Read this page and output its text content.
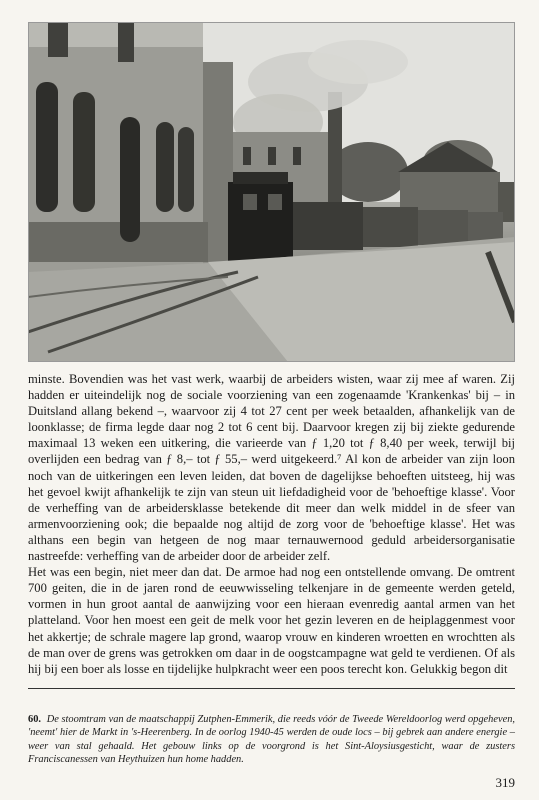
minste. Bovendien was het vast werk, waarbij de arbeiders wisten, waar zij mee af waren. Zij hadden er uiteindelijk nog de sociale voorziening van een zogenaamde 'Krankenkas' bij – in Duitsland allang bekend –, waarvoor zij 4 tot 27 cent per week betaalden, afhankelijk van de loonklasse; de firma legde daar nog 2 tot 6 cent bij. Daarvoor kregen zij bij ziekte gedurende maximaal 13 weken een uitkering, die varieerde van ƒ 1,20 tot ƒ 8,40 per week, terwijl bij overlijden een bedrag van ƒ 8,– tot ƒ 55,– werd uitgekeerd.⁷ Al kon de arbeider van zijn loon noch van de uitkeringen een leven leiden, dat boven de dagelijkse behoeften uitsteeg, hij was het gevoel kwijt afhankelijk te zijn van steun uit liefdadigheid voor de 'behoeftige klasse'. Voor de verheffing van de arbeidersklasse betekende dit meer dan welk middel in de sfeer van armenvoorziening ook; die bepaalde nog altijd de zorg voor de 'behoeftige klasse'. Het was althans een begin van hetgeen de nog maar ternauwernood geduld arbeidersorganisatie nastreefde: verheffing van de arbeider door de arbeider zelf.

Het was een begin, niet meer dan dat. De armoe had nog een ontstellende omvang. De omtrent 700 geiten, die in de jaren rond de eeuwwisseling telkenjare in de gemeente werden geteld, vormen in hun groot aantal de aanwijzing voor een hieraan evenredig aantal armen van het platteland. Voor hen moest een geit de melk voor het gezin leveren en de heiplaggenmest voor het akkertje; de schrale magere lap grond, waarop vrouw en kinderen wroetten en wrochtten als de man over de grens was getrokken om daar in de oogstcampagne wat geld te verdienen. Of als hij bij een boer als losse en tijdelijke hulpkracht weer een poos terecht kon. Gelukkig begon dit

60. De stoomtram van de maatschappij Zutphen-Emmerik, die reeds vóór de Tweede Wereldoorlog werd opgeheven, 'neemt' hier de Markt in 's-Heerenberg. In de oorlog 1940-45 werden de oude locs – bij gebrek aan andere energie – weer van stal gehaald. Het gebouw links op de voorgrond is het Sint-Aloysiusgesticht, waar de zusters Franciscanessen van Heythuizen hun home hadden.
319
